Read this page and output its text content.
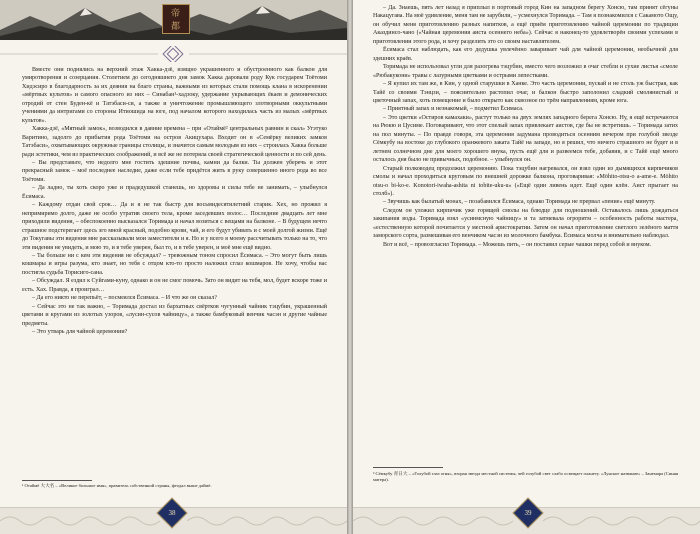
帝
都

Вместе они поднялись на верхний этаж Хакка-дзё, изящно украшенного и обустроенного как балкон для умиротворения и созерцания. Столетием до сегодняшнего дня замок Хакка даровали роду Кук государем Тоётоми Хидэсиро в благодарность за их деяния на благо страны, важными из которых стали помощь клана в искоренении «мёртвых культов» и самого опасного из них – Синабан¹-хадзоку, удержание укрывающих ёкаев и демонических отродий от стен Буден-кё и Татэбаси-си, а также и уничтожение промышляющего злотворными оккультными учениями да интригами со стороны Итиошида на юге, под началом которого находилась часть из малых «мёртвых культов».

Хакка-дзё, «Мятный замок», возводился в давние времена – при «Отаймё² центральных равнин и скал» Угэтуко Варитино, задолго до прибытия рода Тоётоми на остров Акицухара. Входит он в «Семёрку великих замков Татэбаси», охватывающих окружные границы столицы, и значится самым молодым из них – строилась Хакка больше ради эстетики, чем из практических соображений, и всё же не потеряла своей стратегической ценности и по сей день.

– Вы представьте, что недолго мне гостить здешние почвы, камни да балки. Ты должен уберечь и этот прекрасный замок – моё последнее наследие, даже если тебе придётся жить в руку совершенно иного рода во все Тоётоми.

– Да ладно, ты хоть скоро уже и прадедушкой станешь, но здоровы и силы тебе не занимать, – улыбнулся Ёсимаса.

– Каждому отдан свой срок… Да и я не так быстр для восьмидесятилетний старик. Хех, но прожил я непримиримо долго, даже не особо утратив своего тела, кроме заседевших волос… Последние двадцать лет мне приходили видения, – обеспокоенно высказался Торимада и начал возиться с вещами на балконе. – В будущем нечто страшное подстерегает здесь эго мной красный, подобно крови, чай, и его будут убивать и с моей долгой жизни. Ещё до Токугавы эти видения мне рассказывали мои заместители и я. Но и у всего я моему рассчитывать только на то, что эти видения не увидеть, и мою то, и в тебе уверен, был то, и в тебе уверен, и моё мне ещё видно.

– Ты больше ни с кем эти видения не обсуждал? – тревожным тоном спросил Ёсимаса. – Это могут быть лишь кошмары и игры разума, кто знает, но тебя с отцом кто-то просто наложил сглаз кошмаров. Не хочу, чтобы вас постигла судьба Торисиго-сана.

– Обсуждал. Я ездил к Суйгами-куну, однако и он не смог помочь. Зато он видит на тебя, мол, будет вскоре тоже и есть. Хах. Правда, я проиграл…

– Да его никто не перепьёт, – посмеялся Ёсимаса. – И что же он сказал?

– Сейчас это не так важно, – Торимада достал из бархатных свёртков чугунный чайник тэцубин, украшенный цветами и кругами из золотых узоров, «лусин-сусов чайницу», а также бамбуковый венчик часэн и другие чайные предметы.

– Это утварь для чайной церемонии?

¹ Отаймё 大大名 – «Великое большое имя», правитель собственной страны, феодал выше даймё.
38

– Да. Знаешь, пять лет назад я приплыл в портовый город Кин на западном берегу Хонсю, там принят сёгуны Накацугава. На моё удивление, меня там не зарубили, – усмехнулся Торимада. – Там я познакомился с Сакамото Ощу, он обучил меня приготовлению разных напитков, а ещё приём приготовлению чайной церемонии по традиции Аказдинсо-чано («Чайная церемония аиста осеннего неба»). Сейчас я наконец-то удовлетворён своими успехами в приготовлении этого рода, и хочу разделить это со своим наставлятелем.

Ёсимаса стал наблюдать, как его дедушка увлечённо заваривает чай для чайной церемонии, необычной для здешних краёв.

Торимада не использовал угли для разогрева тэцубин, вместо чего возложил в очаг стебли и сухие листья «смоле «Рюбакукони» травы с лазурными цветками и острыми лепестками.

– Я купил их там же, в Кин, у одной старушки в Ханке. Это часть церемонии, пускай и не столь уж быстрая, как Тайё со своими Тэнцзи, – пояснительно растопил очаг, и балкон быстро заполонил сладкий смолянистый и цветочный запах, хоть помещение и было открыто как сквозное по трём направлениям, кроме юга.

– Приятный запах и незнакомый, – подметил Ёсимаса.

– Это цветки «Остиров камахаки», растут только на двух землях западного берега Хонсю. Ну, я ещё встречаются на Рюкю и Цусиме. Поговаривают, что этот спелый запах привлекает аистов, где бы не встретишь. – Торимада затих на пол минуты. – По правде говоря, эта церемония задумана проводиться осенним вечером при голубой звезде Сёмкубу на востоке до глубокого оранжевого заката Тайё на западе, но я решил, что ничего страшного не будет и в летнем солнечном дне для моего хорошего внука, пусть ещё для и развеемся тебе, добавив, и с Тайё ещё много осталось дня было не привычных, подобное. – улыбнулся он.

Старый полководец продолжил церемонию. Пока тэцубин нагревался, он взял один из дымящихся кирпичиков смолы и начал проходиться круговым по внешней дорожке балкона, проговаривая: «Mōhito-otsu-o a-ame-e. Mōhito otsu-o bi-ko-e. Konotori-iwaha-ashita ni tobite-uku-u» («Ещё один ливень идет. Ещё один клён. Аист прыгает на столб»).

– Звучишь как былатый монах, – позабавился Ёсимаса, однако Торимада не прервал «пение» ещё минуту.

Следом он уложил кирпичик уже горящей смолы на блюдце для подношений. Оставалось лишь дождаться закипания воды. Торимада взял «усинмсную чайницу» и та затмевала огроритм – особенность работы мастера, «естественную которой почитается у местной аристократии. Затем он начал приготовление светлого зелёного маття заморского сорта, размешивая его венчиком часэн из молочного бамбука. Ёсимаса молча и внимательно наблюдал.

Вот и всё, – провозгласил Торимада. – Можешь пить, – он поставил серые чашки перед собой и внуком.

³ Сёмкубу 青日大 – «Голубой глаз огня», вторая звезда местной системы, чей голубой свет слабо освещает планету. «Лунское название» – Занемара (Синяя матера).
39
